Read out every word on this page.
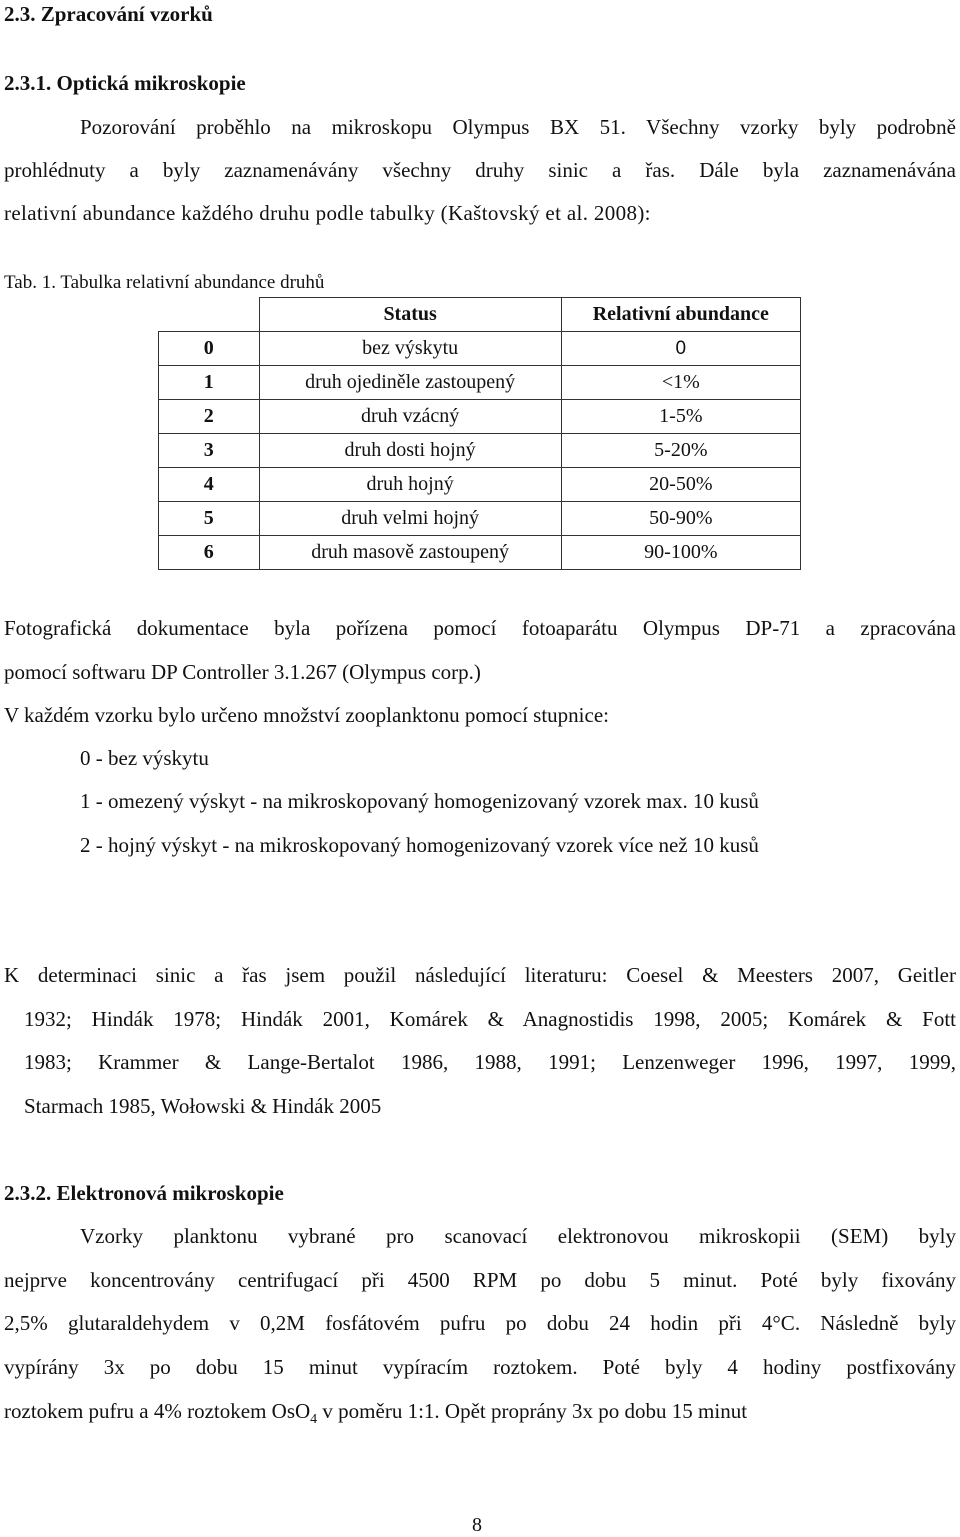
2.3. Zpracování vzorků
2.3.1. Optická mikroskopie
Pozorování proběhlo na mikroskopu Olympus BX 51. Všechny vzorky byly podrobně
prohlédnuty a byly zaznamenávány všechny druhy sinic a řas. Dále byla zaznamenávána
relativní abundance každého druhu podle tabulky (Kaštovský et al. 2008):
Tab. 1. Tabulka relativní abundance druhů
	Status	Relativní abundance
0	bez výskytu	0
1	druh ojediněle zastoupený	<1%
2	druh vzácný	1-5%
3	druh dosti hojný	5-20%
4	druh hojný	20-50%
5	druh velmi hojný	50-90%
6	druh masově zastoupený	90-100%
Fotografická dokumentace byla pořízena pomocí fotoaparátu Olympus DP-71 a zpracována
pomocí softwaru DP Controller 3.1.267 (Olympus corp.)
V každém vzorku bylo určeno množství zooplanktonu pomocí stupnice:
0 - bez výskytu
1 - omezený výskyt - na mikroskopovaný homogenizovaný vzorek max. 10 kusů
2 - hojný výskyt - na mikroskopovaný homogenizovaný vzorek více než 10 kusů
K determinaci sinic a řas jsem použil následující literaturu: Coesel & Meesters 2007, Geitler
1932; Hindák 1978; Hindák 2001, Komárek & Anagnostidis 1998, 2005; Komárek & Fott
1983; Krammer & Lange-Bertalot 1986, 1988, 1991; Lenzenweger 1996, 1997, 1999,
Starmach 1985, Wołowski & Hindák 2005
2.3.2. Elektronová mikroskopie
Vzorky planktonu vybrané pro scanovací elektronovou mikroskopii (SEM) byly
nejprve koncentrovány centrifugací při 4500 RPM po dobu 5 minut. Poté byly fixovány
2,5% glutaraldehydem v 0,2M fosfátovém pufru po dobu 24 hodin při 4°C. Následně byly
vypírány 3x po dobu 15 minut vypíracím roztokem. Poté byly 4 hodiny postfixovány
roztokem pufru a 4% roztokem OsO$_4$ v poměru 1:1. Opět proprány 3x po dobu 15 minut
8
